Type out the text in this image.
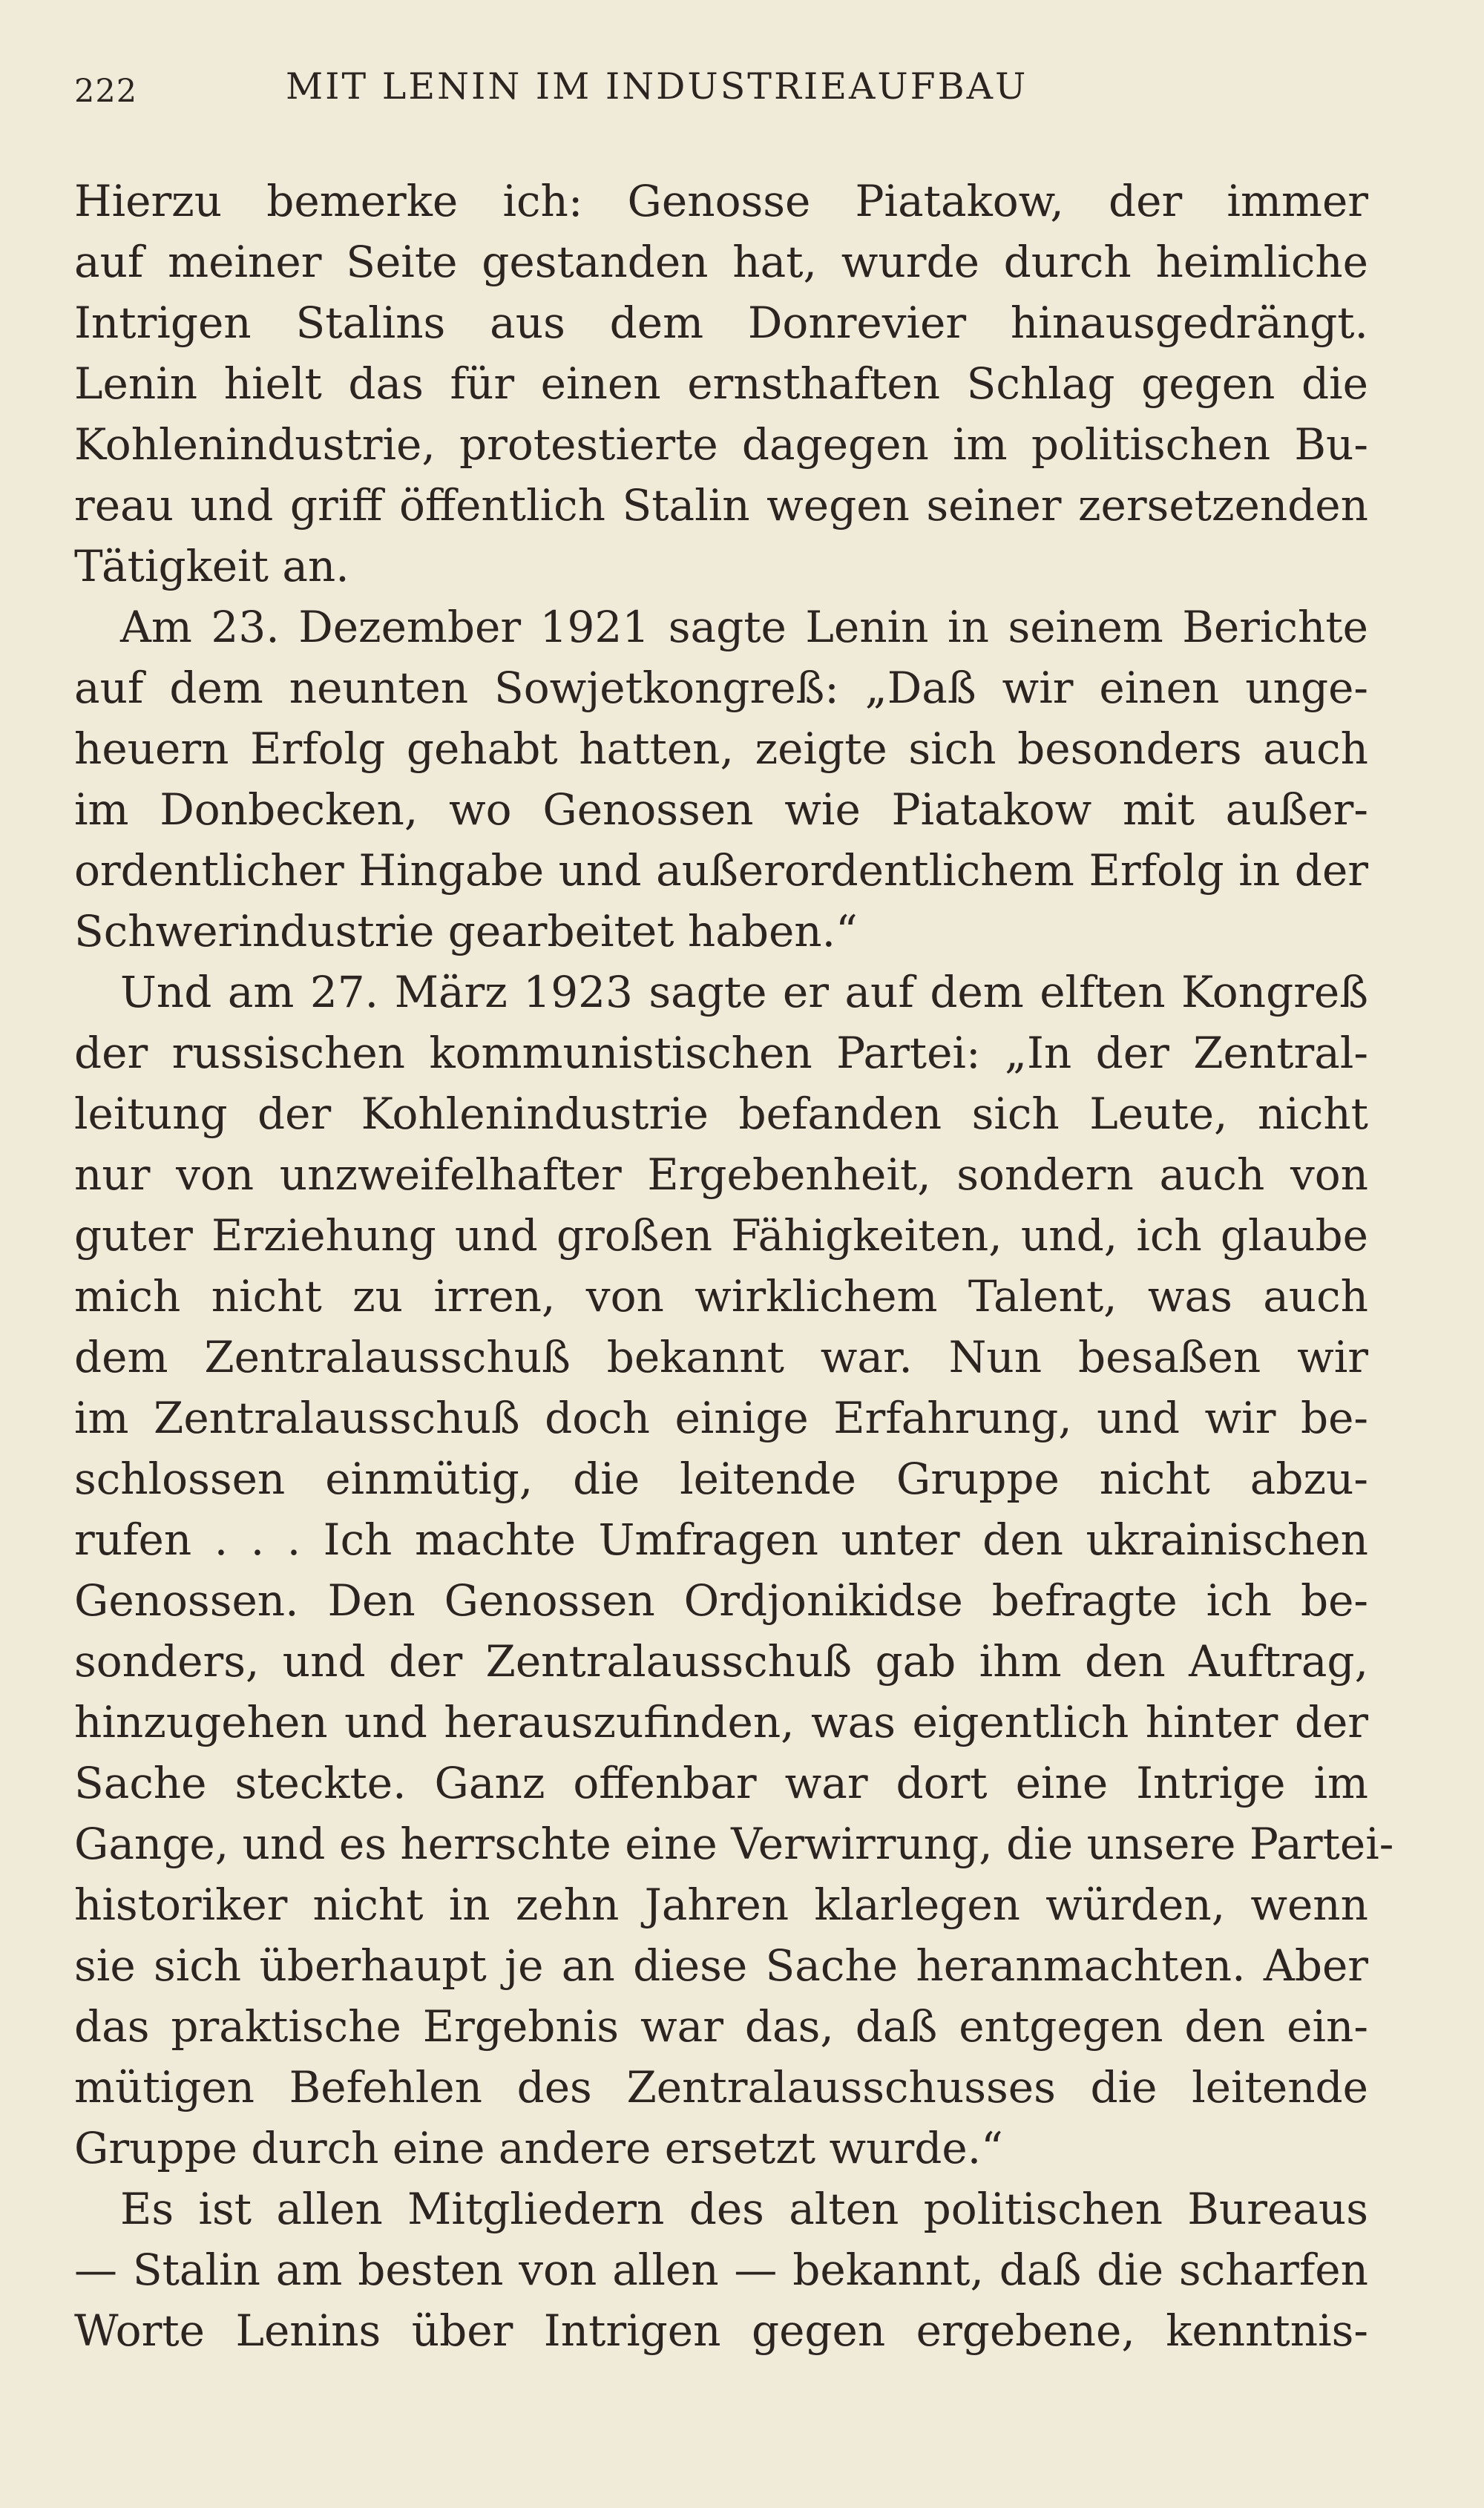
222	MIT LENIN IM INDUSTRIEAUFBAU
Hierzu bemerke ich: Genosse Piatakow, der immer
auf meiner Seite gestanden hat, wurde durch heimliche
Intrigen Stalins aus dem Donrevier hinausgedrängt.
Lenin hielt das für einen ernsthaften Schlag gegen die
Kohlenindustrie, protestierte dagegen im politischen Bu-
reau und griff öffentlich Stalin wegen seiner zersetzenden
Tätigkeit an.
Am 23. Dezember 1921 sagte Lenin in seinem Berichte
auf dem neunten Sowjetkongreß: „Daß wir einen unge-
heuern Erfolg gehabt hatten, zeigte sich besonders auch
im Donbecken, wo Genossen wie Piatakow mit außer-
ordentlicher Hingabe und außerordentlichem Erfolg in der
Schwerindustrie gearbeitet haben.“
Und am 27. März 1923 sagte er auf dem elften Kongreß
der russischen kommunistischen Partei: „In der Zentral-
leitung der Kohlenindustrie befanden sich Leute, nicht
nur von unzweifelhafter Ergebenheit, sondern auch von
guter Erziehung und großen Fähigkeiten, und, ich glaube
mich nicht zu irren, von wirklichem Talent, was auch
dem Zentralausschuß bekannt war. Nun besaßen wir
im Zentralausschuß doch einige Erfahrung, und wir be-
schlossen einmütig, die leitende Gruppe nicht abzu-
rufen . . . Ich machte Umfragen unter den ukrainischen
Genossen. Den Genossen Ordjonikidse befragte ich be-
sonders, und der Zentralausschuß gab ihm den Auftrag,
hinzugehen und herauszufinden, was eigentlich hinter der
Sache steckte. Ganz offenbar war dort eine Intrige im
Gange, und es herrschte eine Verwirrung, die unsere Partei-
historiker nicht in zehn Jahren klarlegen würden, wenn
sie sich überhaupt je an diese Sache heranmachten. Aber
das praktische Ergebnis war das, daß entgegen den ein-
mütigen Befehlen des Zentralausschusses die leitende
Gruppe durch eine andere ersetzt wurde.“
Es ist allen Mitgliedern des alten politischen Bureaus
— Stalin am besten von allen — bekannt, daß die scharfen
Worte Lenins über Intrigen gegen ergebene, kenntnis-
